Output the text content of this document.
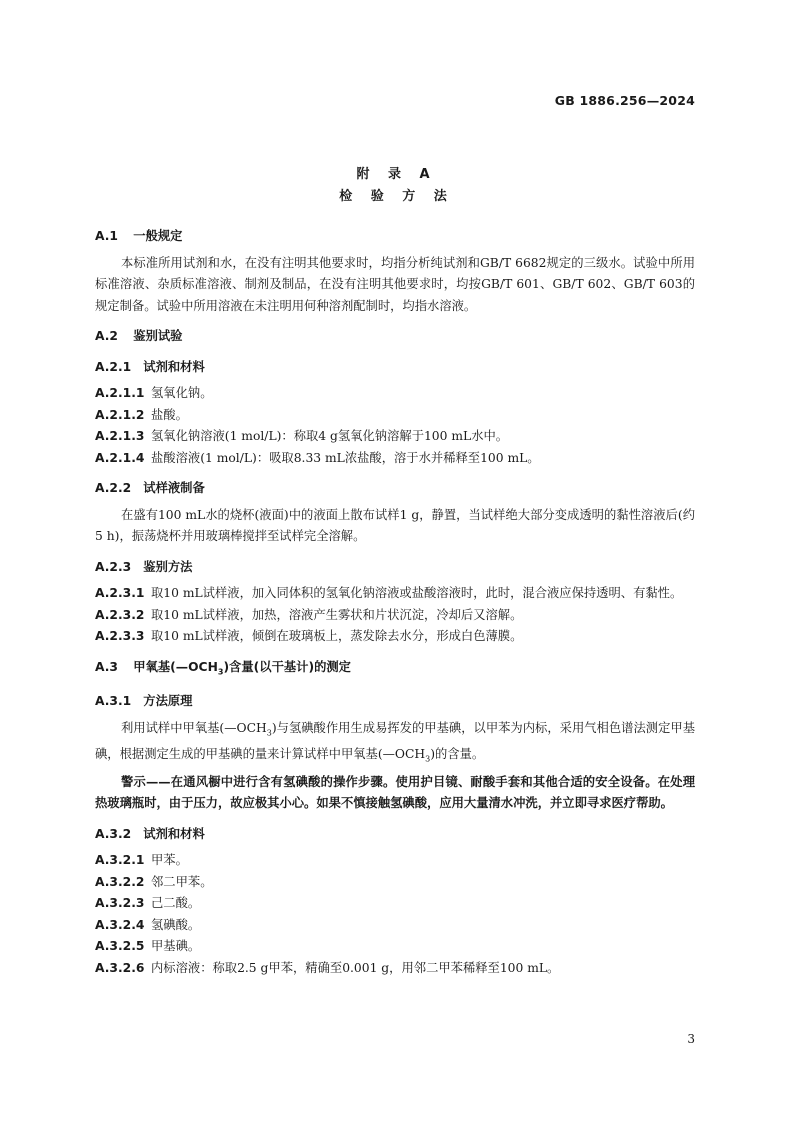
GB 1886.256—2024
附 录 A
检 验 方 法
A.1 一般规定
本标准所用试剂和水，在没有注明其他要求时，均指分析纯试剂和GB/T 6682规定的三级水。试验中所用标准溶液、杂质标准溶液、制剂及制品，在没有注明其他要求时，均按GB/T 601、GB/T 602、GB/T 603的规定制备。试验中所用溶液在未注明用何种溶剂配制时，均指水溶液。
A.2 鉴别试验
A.2.1 试剂和材料
A.2.1.1 氢氧化钠。
A.2.1.2 盐酸。
A.2.1.3 氢氧化钠溶液(1 mol/L)：称取4 g氢氧化钠溶解于100 mL水中。
A.2.1.4 盐酸溶液(1 mol/L)：吸取8.33 mL浓盐酸，溶于水并稀释至100 mL。
A.2.2 试样液制备
在盛有100 mL水的烧杯(液面)中的液面上散布试样1 g，静置，当试样绝大部分变成透明的黏性溶液后(约5 h)，振荡烧杯并用玻璃棒搅拌至试样完全溶解。
A.2.3 鉴别方法
A.2.3.1 取10 mL试样液，加入同体积的氢氧化钠溶液或盐酸溶液时，此时，混合液应保持透明、有黏性。
A.2.3.2 取10 mL试样液，加热，溶液产生雾状和片状沉淀，冷却后又溶解。
A.2.3.3 取10 mL试样液，倾倒在玻璃板上，蒸发除去水分，形成白色薄膜。
A.3 甲氧基$(—OCH_3)$含量(以干基计)的测定
A.3.1 方法原理
利用试样中甲氧基$(—OCH_3)$与氢碘酸作用生成易挥发的甲基碘，以甲苯为内标，采用气相色谱法测定甲基碘，根据测定生成的甲基碘的量来计算试样中甲氧基$(—OCH_3)$的含量。
警示——在通风橱中进行含有氢碘酸的操作步骤。使用护目镜、耐酸手套和其他合适的安全设备。在处理热玻璃瓶时，由于压力，故应极其小心。如果不慎接触氢碘酸，应用大量清水冲洗，并立即寻求医疗帮助。
A.3.2 试剂和材料
A.3.2.1 甲苯。
A.3.2.2 邻二甲苯。
A.3.2.3 己二酸。
A.3.2.4 氢碘酸。
A.3.2.5 甲基碘。
A.3.2.6 内标溶液：称取2.5 g甲苯，精确至0.001 g，用邻二甲苯稀释至100 mL。
3
